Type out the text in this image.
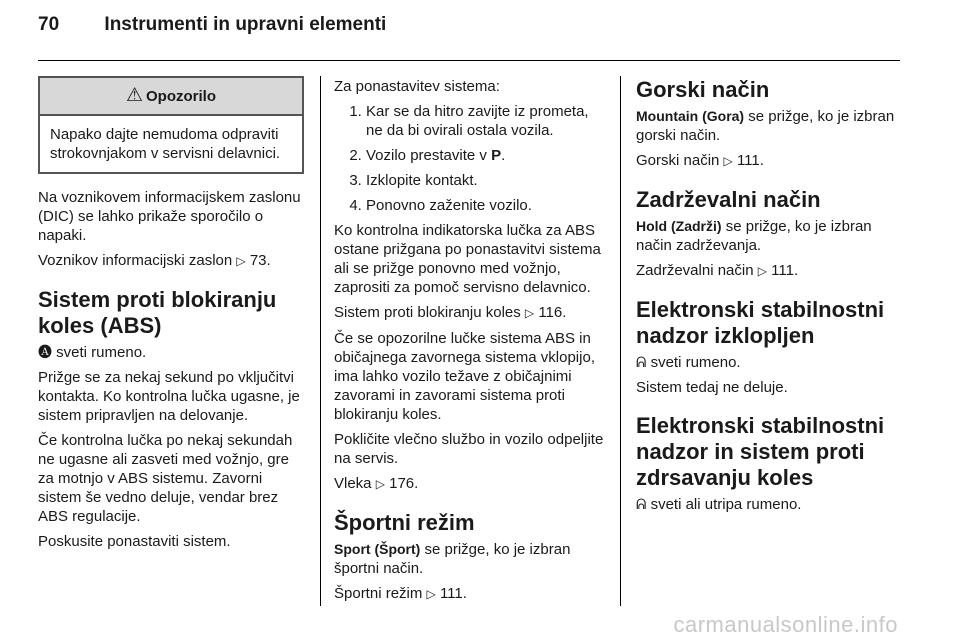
70 Instrumenti in upravni elementi
⚠ Opozorilo
Napako dajte nemudoma odpraviti strokovnjakom v servisni delavnici.

Na voznikovem informacijskem zaslonu (DIC) se lahko prikaže sporočilo o napaki.

Voznikov informacijski zaslon ▷ 73.

Sistem proti blokiranju koles (ABS)

🅐 sveti rumeno.

Prižge se za nekaj sekund po vključitvi kontakta. Ko kontrolna lučka ugasne, je sistem pripravljen na delovanje.

Če kontrolna lučka po nekaj sekundah ne ugasne ali zasveti med vožnjo, gre za motnjo v ABS sistemu. Zavorni sistem še vedno deluje, vendar brez ABS regulacije.

Poskusite ponastaviti sistem.

Za ponastavitev sistema:

1. Kar se da hitro zavijte iz prometa, ne da bi ovirali ostala vozila.
2. Vozilo prestavite v P.
3. Izklopite kontakt.
4. Ponovno zaženite vozilo.

Ko kontrolna indikatorska lučka za ABS ostane prižgana po ponastavitvi sistema ali se prižge ponovno med vožnjo, zaprositi za pomoč servisno delavnico.

Sistem proti blokiranju koles ▷ 116.

Če se opozorilne lučke sistema ABS in običajnega zavornega sistema vklopijo, ima lahko vozilo težave z običajnimi zavorami in zavorami sistema proti blokiranju koles.

Pokličite vlečno službo in vozilo odpeljite na servis.

Vleka ▷ 176.

Športni režim

Sport (Šport) se prižge, ko je izbran športni način.

Športni režim ▷ 111.

Gorski način

Mountain (Gora) se prižge, ko je izbran gorski način.

Gorski način ▷ 111.

Zadrževalni način

Hold (Zadrži) se prižge, ko je izbran način zadrževanja.

Zadrževalni način ▷ 111.

Elektronski stabilnostni nadzor izklopljen

ᕱ sveti rumeno.

Sistem tedaj ne deluje.

Elektronski stabilnostni nadzor in sistem proti zdrsavanju koles

ᕱ sveti ali utripa rumeno.

carmanualsonline.info
